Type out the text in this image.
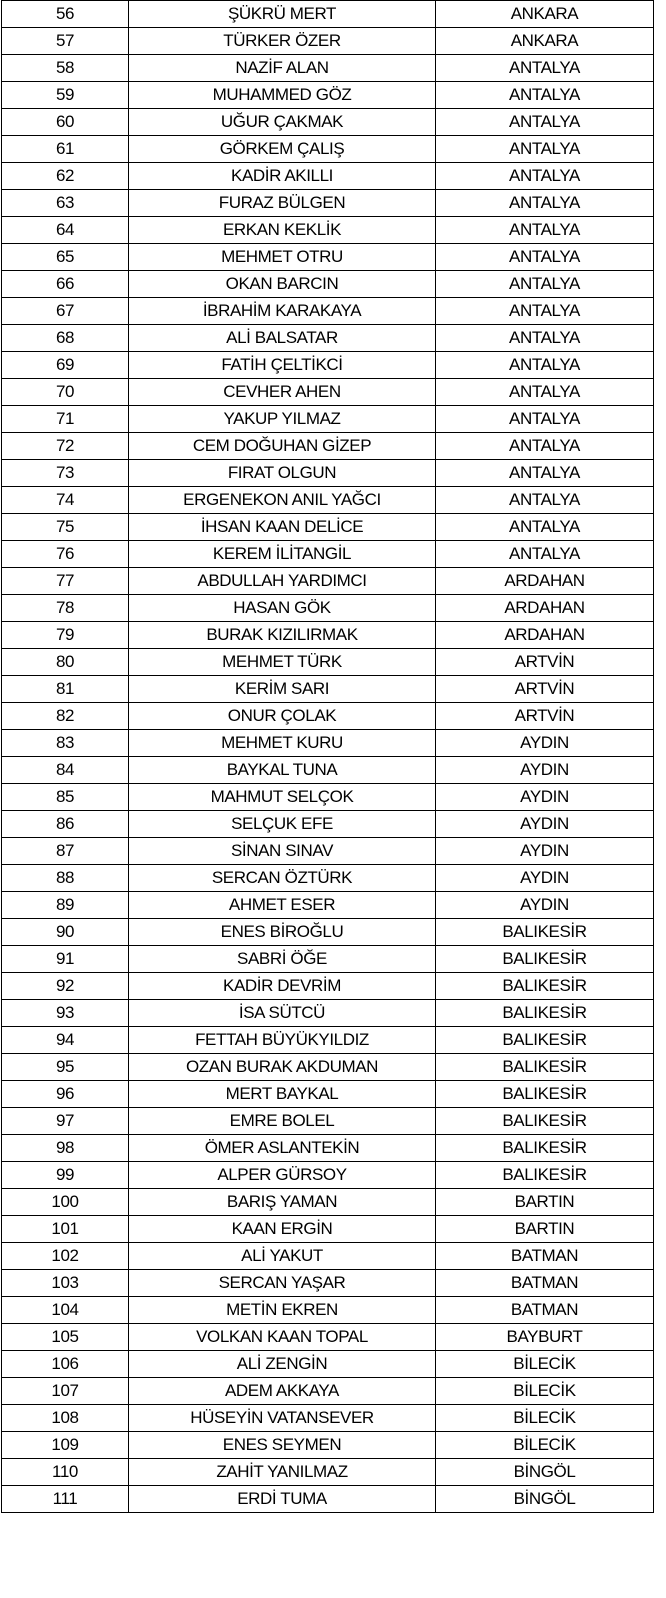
56	ŞÜKRÜ MERT	ANKARA
57	TÜRKER ÖZER	ANKARA
58	NAZİF ALAN	ANTALYA
59	MUHAMMED GÖZ	ANTALYA
60	UĞUR ÇAKMAK	ANTALYA
61	GÖRKEM ÇALIŞ	ANTALYA
62	KADİR AKILLI	ANTALYA
63	FURAZ BÜLGEN	ANTALYA
64	ERKAN KEKLİK	ANTALYA
65	MEHMET OTRU	ANTALYA
66	OKAN BARCIN	ANTALYA
67	İBRAHİM KARAKAYA	ANTALYA
68	ALİ BALSATAR	ANTALYA
69	FATİH ÇELTİKCİ	ANTALYA
70	CEVHER AHEN	ANTALYA
71	YAKUP YILMAZ	ANTALYA
72	CEM DOĞUHAN GİZEP	ANTALYA
73	FIRAT OLGUN	ANTALYA
74	ERGENEKON ANIL YAĞCI	ANTALYA
75	İHSAN KAAN DELİCE	ANTALYA
76	KEREM İLİTANGİL	ANTALYA
77	ABDULLAH YARDIMCI	ARDAHAN
78	HASAN GÖK	ARDAHAN
79	BURAK KIZILIRMAK	ARDAHAN
80	MEHMET TÜRK	ARTVİN
81	KERİM SARI	ARTVİN
82	ONUR ÇOLAK	ARTVİN
83	MEHMET KURU	AYDIN
84	BAYKAL TUNA	AYDIN
85	MAHMUT SELÇOK	AYDIN
86	SELÇUK EFE	AYDIN
87	SİNAN SINAV	AYDIN
88	SERCAN ÖZTÜRK	AYDIN
89	AHMET ESER	AYDIN
90	ENES BİROĞLU	BALIKESİR
91	SABRİ ÖĞE	BALIKESİR
92	KADİR DEVRİM	BALIKESİR
93	İSA SÜTCÜ	BALIKESİR
94	FETTAH BÜYÜKYILDIZ	BALIKESİR
95	OZAN BURAK AKDUMAN	BALIKESİR
96	MERT BAYKAL	BALIKESİR
97	EMRE BOLEL	BALIKESİR
98	ÖMER ASLANTEKİN	BALIKESİR
99	ALPER GÜRSOY	BALIKESİR
100	BARIŞ YAMAN	BARTIN
101	KAAN ERGİN	BARTIN
102	ALİ YAKUT	BATMAN
103	SERCAN YAŞAR	BATMAN
104	METİN EKREN	BATMAN
105	VOLKAN KAAN TOPAL	BAYBURT
106	ALİ ZENGİN	BİLECİK
107	ADEM AKKAYA	BİLECİK
108	HÜSEYİN VATANSEVER	BİLECİK
109	ENES SEYMEN	BİLECİK
110	ZAHİT YANILMAZ	BİNGÖL
111	ERDİ TUMA	BİNGÖL
